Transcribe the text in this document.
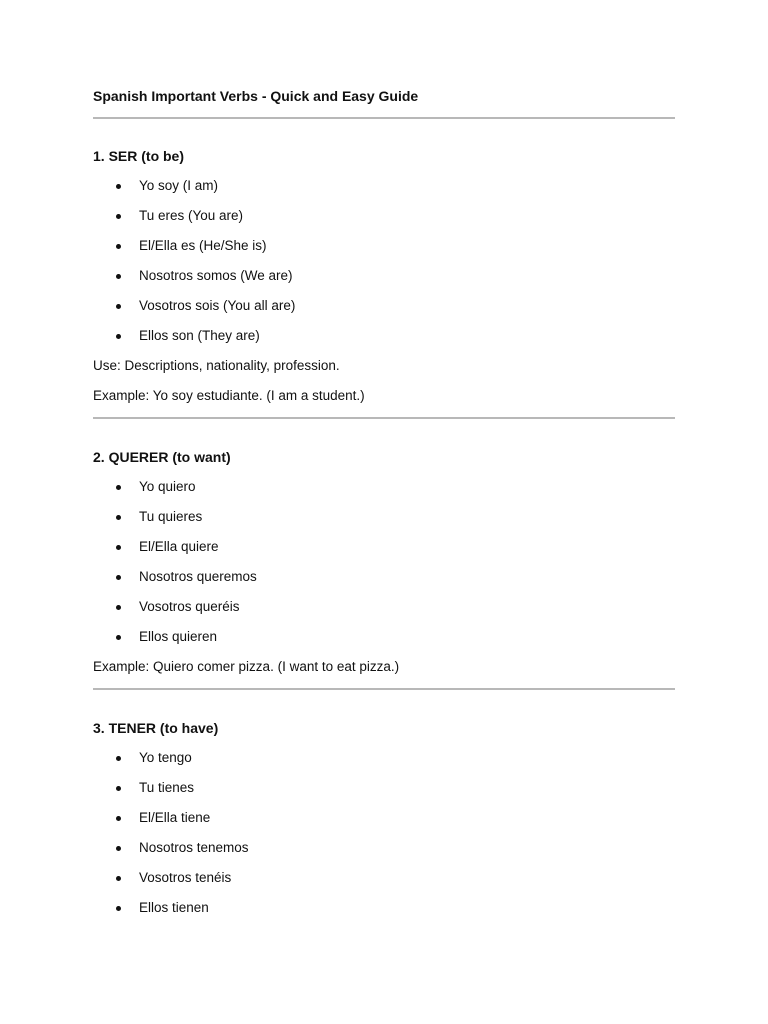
Spanish Important Verbs - Quick and Easy Guide
1. SER (to be)
Yo soy (I am)
Tu eres (You are)
El/Ella es (He/She is)
Nosotros somos (We are)
Vosotros sois (You all are)
Ellos son (They are)

Use: Descriptions, nationality, profession.

Example: Yo soy estudiante. (I am a student.)

2. QUERER (to want)
Yo quiero
Tu quieres
El/Ella quiere
Nosotros queremos
Vosotros queréis
Ellos quieren

Example: Quiero comer pizza. (I want to eat pizza.)

3. TENER (to have)
Yo tengo
Tu tienes
El/Ella tiene
Nosotros tenemos
Vosotros tenéis
Ellos tienen
